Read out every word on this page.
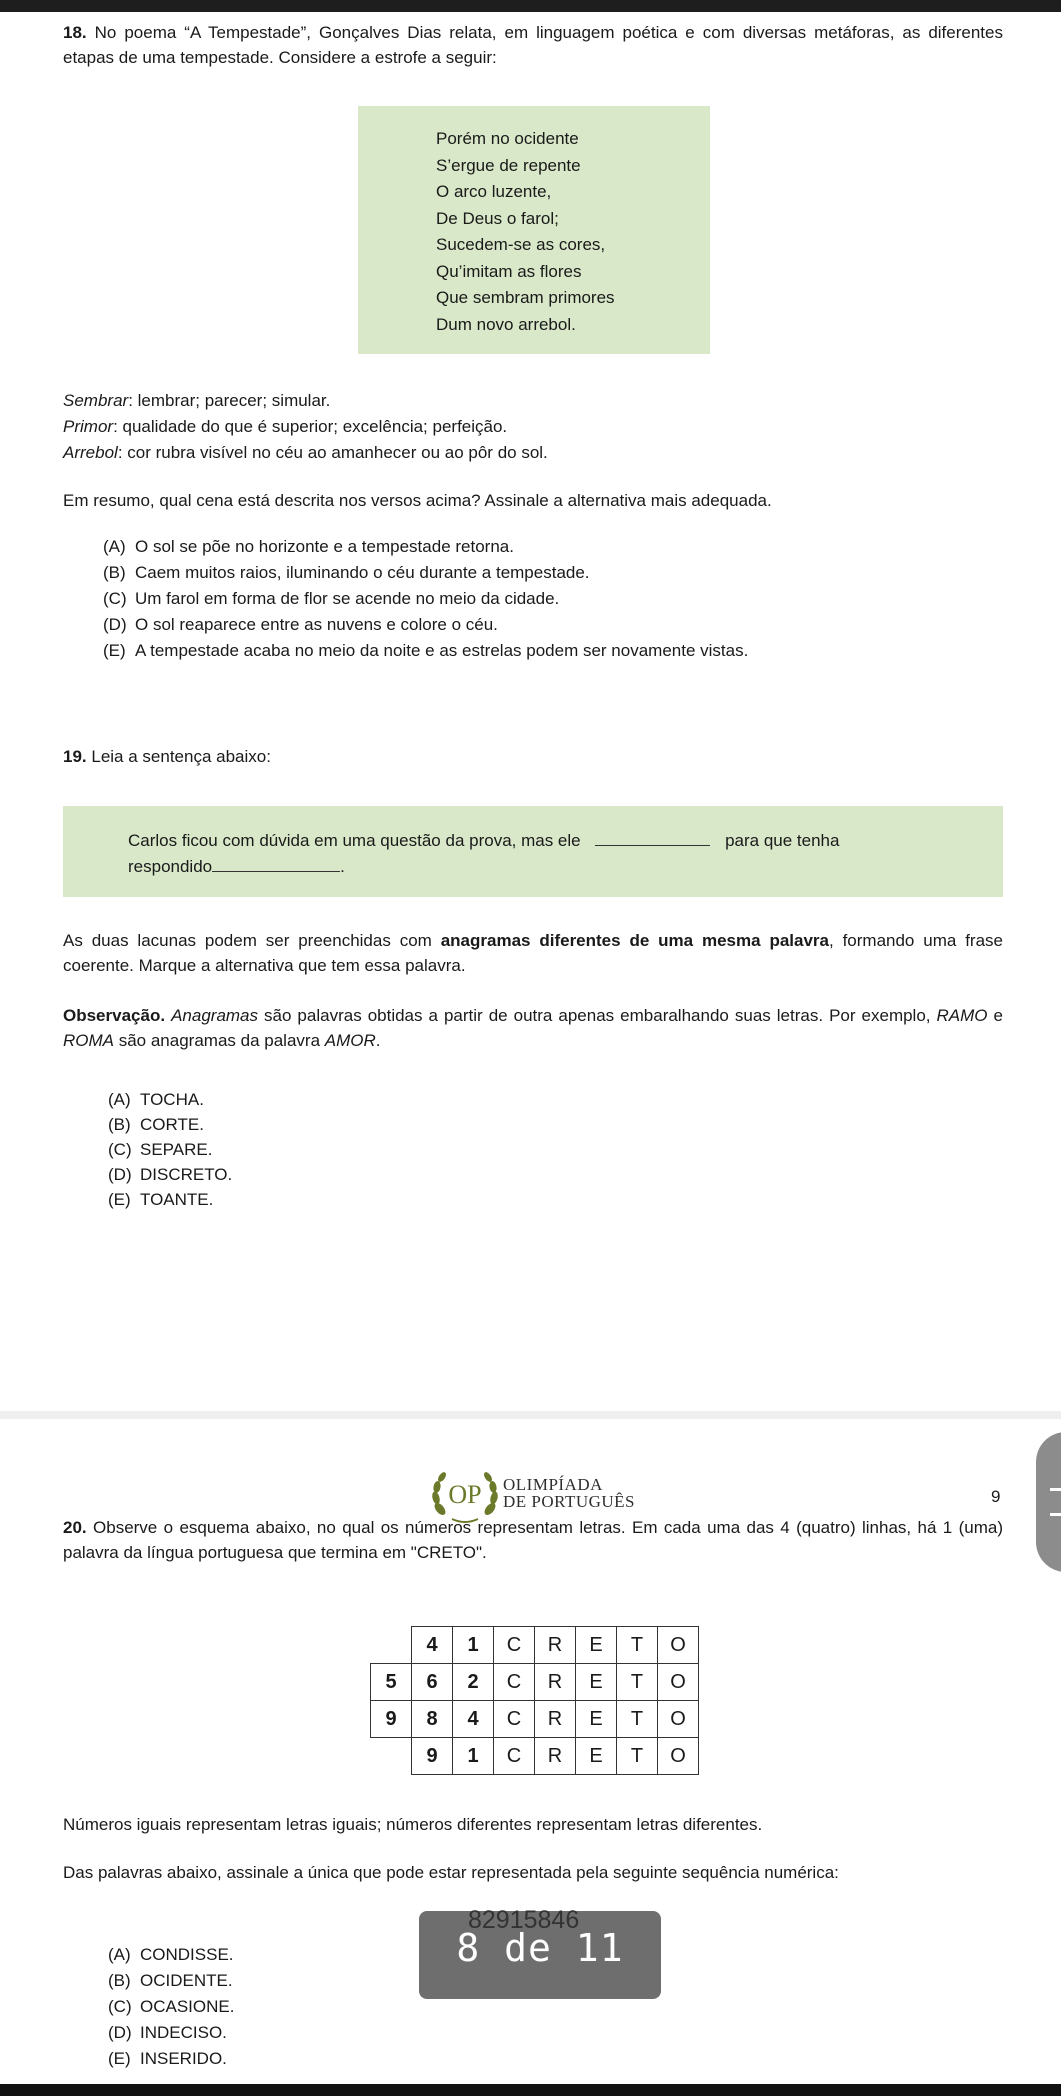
18. No poema “A Tempestade”, Gonçalves Dias relata, em linguagem poética e com diversas metáforas, as diferentes etapas de uma tempestade. Considere a estrofe a seguir:
Porém no ocidente
S’ergue de repente
O arco luzente,
De Deus o farol;
Sucedem-se as cores,
Qu’imitam as flores
Que sembram primores
Dum novo arrebol.
Sembrar: lembrar; parecer; simular.
Primor: qualidade do que é superior; excelência; perfeição.
Arrebol: cor rubra visível no céu ao amanhecer ou ao pôr do sol.
Em resumo, qual cena está descrita nos versos acima? Assinale a alternativa mais adequada.
(A) O sol se põe no horizonte e a tempestade retorna.
(B) Caem muitos raios, iluminando o céu durante a tempestade.
(C) Um farol em forma de flor se acende no meio da cidade.
(D) O sol reaparece entre as nuvens e colore o céu.
(E) A tempestade acaba no meio da noite e as estrelas podem ser novamente vistas.
19. Leia a sentença abaixo:
Carlos ficou com dúvida em uma questão da prova, mas ele	para que tenha
respondido	.
As duas lacunas podem ser preenchidas com anagramas diferentes de uma mesma palavra, formando uma frase coerente. Marque a alternativa que tem essa palavra.
Observação. Anagramas são palavras obtidas a partir de outra apenas embaralhando suas letras. Por exemplo, RAMO e ROMA são anagramas da palavra AMOR.
(A) TOCHA.
(B) CORTE.
(C) SEPARE.
(D) DISCRETO.
(E) TOANTE.
OP OLIMPÍADA
DE PORTUGUÊS	9
20. Observe o esquema abaixo, no qual os números representam letras. Em cada uma das 4 (quatro) linhas, há 1 (uma) palavra da língua portuguesa que termina em "CRETO".
	4	1	C	R	E	T	O
5	6	2	C	R	E	T	O
9	8	4	C	R	E	T	O
	9	1	C	R	E	T	O
Números iguais representam letras iguais; números diferentes representam letras diferentes.
Das palavras abaixo, assinale a única que pode estar representada pela seguinte sequência numérica:
82915846
8 de 11
(A) CONDISSE.
(B) OCIDENTE.
(C) OCASIONE.
(D) INDECISO.
(E) INSERIDO.
